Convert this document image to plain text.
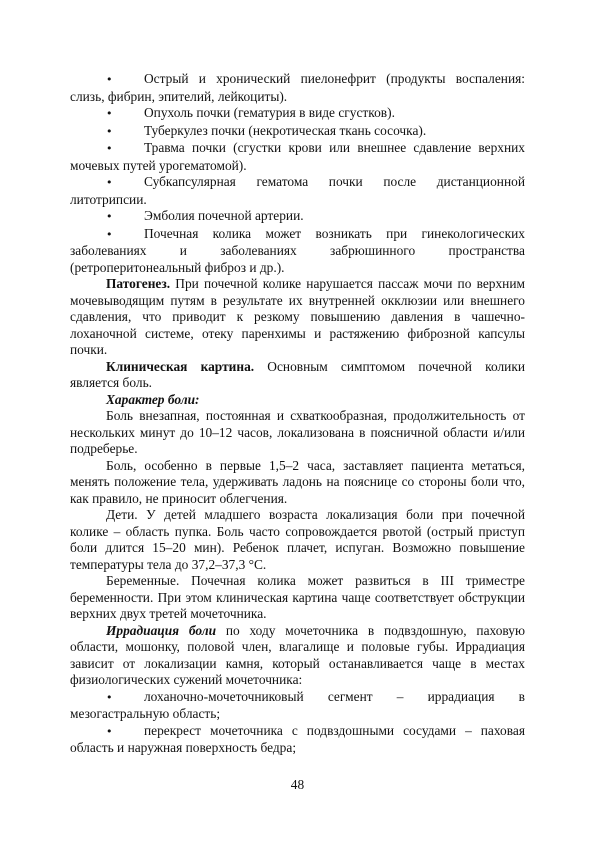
•Острый и хронический пиелонефрит (продукты воспаления: слизь, фибрин, эпителий, лейкоциты).

•Опухоль почки (гематурия в виде сгустков).

•Туберкулез почки (некротическая ткань сосочка).

•Травма почки (сгустки крови или внешнее сдавление верхних мочевых путей урогематомой).

•Субкапсулярная гематома почки после дистанционной литотрипсии.

•Эмболия почечной артерии.

•Почечная колика может возникать при гинекологических заболеваниях и заболеваниях забрюшинного пространства (ретроперитонеальный фиброз и др.).

Патогенез. При почечной колике нарушается пассаж мочи по верхним мочевыводящим путям в результате их внутренней окклюзии или внешнего сдавления, что приводит к резкому повышению давления в чашечно-лоханочной системе, отеку паренхимы и растяжению фиброзной капсулы почки.

Клиническая картина. Основным симптомом почечной колики является боль.

Характер боли:

Боль внезапная, постоянная и схваткообразная, продолжительность от нескольких минут до 10–12 часов, локализована в поясничной области и/или подреберье.

Боль, особенно в первые 1,5–2 часа, заставляет пациента метаться, менять положение тела, удерживать ладонь на пояснице со стороны боли что, как правило, не приносит облегчения.

Дети. У детей младшего возраста локализация боли при почечной колике – область пупка. Боль часто сопровождается рвотой (острый приступ боли длится 15–20 мин). Ребенок плачет, испуган. Возможно повышение температуры тела до 37,2–37,3 °С.

Беременные. Почечная колика может развиться в III триместре беременности. При этом клиническая картина чаще соответствует обструкции верхних двух третей мочеточника.

Иррадиация боли по ходу мочеточника в подвздошную, паховую области, мошонку, половой член, влагалище и половые губы. Иррадиация зависит от локализации камня, который останавливается чаще в местах физиологических сужений мочеточника:

•лоханочно-мочеточниковый сегмент – иррадиация в мезогастральную область;

•перекрест мочеточника с подвздошными сосудами – паховая область и наружная поверхность бедра;

48
